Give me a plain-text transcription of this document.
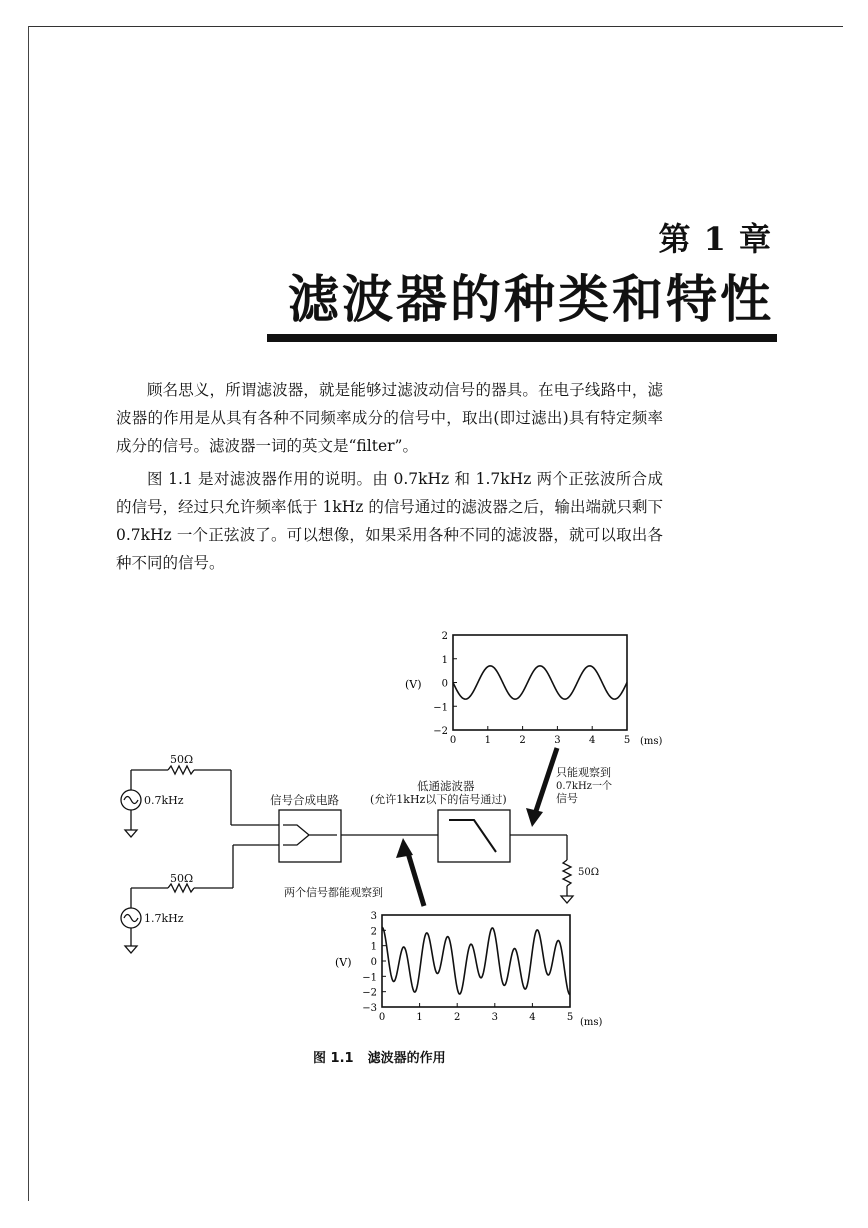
第 1 章
滤波器的种类和特性

顾名思义，所谓滤波器，就是能够过滤波动信号的器具。在电子线路中，滤波器的作用是从具有各种不同频率成分的信号中，取出(即过滤出)具有特定频率成分的信号。滤波器一词的英文是“filter”。

图 1.1 是对滤波器作用的说明。由 0.7kHz 和 1.7kHz 两个正弦波所合成的信号，经过只允许频率低于 1kHz 的信号通过的滤波器之后，输出端就只剩下 0.7kHz 一个正弦波了。可以想像，如果采用各种不同的滤波器，就可以取出各种不同的信号。

2
1
0
−1
−2
0	1	2	3	4	5
(V)
(ms)
3
2
1
0
−1
−2
−3
0	1	2	3	4	5
(V)
(ms)
50Ω
0.7kHz
50Ω
1.7kHz
信号合成电路
低通滤波器
(允许1kHz以下的信号通过)
50Ω
两个信号都能观察到
只能观察到
0.7kHz一个
信号
图 1.1 滤波器的作用
